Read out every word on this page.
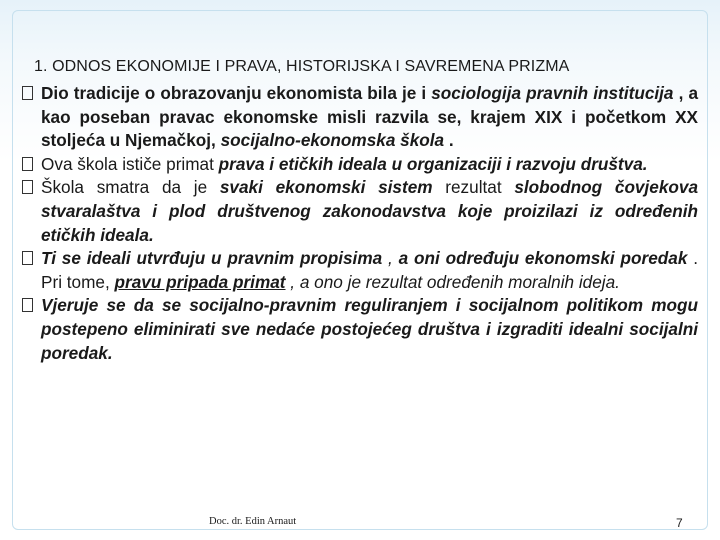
1. ODNOS EKONOMIJE I PRAVA, HISTORIJSKA I SAVREMENA PRIZMA
Dio tradicije o obrazovanju ekonomista bila je i sociologija pravnih institucija , a kao poseban pravac ekonomske misli razvila se, krajem XIX i početkom XX stoljeća u Njemačkoj, socijalno-ekonomska škola .
Ova škola ističe primat prava i etičkih ideala u organizaciji i razvoju društva.
Škola smatra da je svaki ekonomski sistem rezultat slobodnog čovjekova stvaralaštva i plod društvenog zakonodavstva koje proizilazi iz određenih etičkih ideala.
Ti se ideali utvrđuju u pravnim propisima , a oni određuju ekonomski poredak . Pri tome, pravu pripada primat , a ono je rezultat određenih moralnih ideja.
Vjeruje se da se socijalno-pravnim reguliranjem i socijalnom politikom mogu postepeno eliminirati sve nedaće postojećeg društva i izgraditi idealni socijalni poredak.
Doc. dr. Edin Arnaut	7
